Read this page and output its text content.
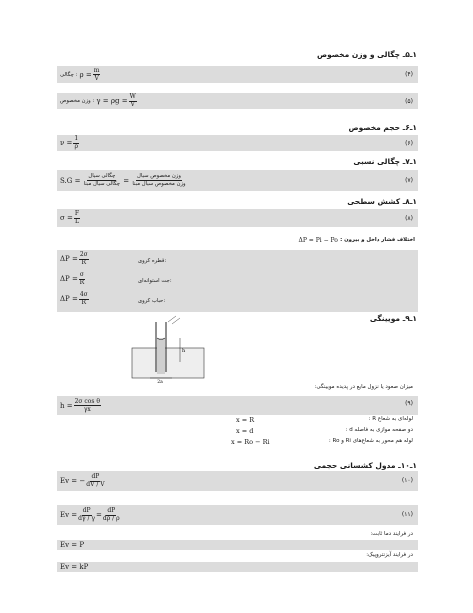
۱ـ۵ـ چگالی و وزن مخصوص
چگالی :
$\rho = \frac{m}{V}$	(۴)
وزن مخصوص :
$\gamma = \rho g = \frac{W}{V}$	(۵)
۱ـ۶ـ حجم مخصوص
$\nu = \frac{1}{\rho}$	(۶)
۱ـ۷ـ چگالی نسبی
S.G =
$\frac{\text{چگالی سیال}}{\text{چگالی سیال مبنا}}$
=
$\frac{\text{وزن مخصوص سیال}}{\text{وزن مخصوص سیال مبنا}}$	(۷)
۱ـ۸ـ کشش سطحی
$\sigma = \frac{F}{L}$	(۸)
اختلاف فشار داخل و بیرون :

ΔP = Pi − Po
$\Delta P = \frac{2\sigma}{R}$	قطره کروی:
$\Delta P = \frac{\sigma}{R}$	جت استوانه‌ای:
$\Delta P = \frac{4\sigma}{R}$	حباب کروی:
۱ـ۹ـ مویینگی
h
2a
میزان صعود یا نزول مایع در پدیده مویینگی:
$h = \frac{\text{2σ cos θ}}{\gamma x}$	(۹)
x = R	لوله‌ای به شعاع R :
x = d	دو صفحه موازی به فاصله d :
x = Ro − Ri	لوله هم محور به شعاع‌های Ri و Ro :
۱ـ۱۰ـ مدول کشسانی حجمی
Ev = − $\frac{dP}{dV / V}$	(۱۰)
$Ev = \frac{dP}{d\gamma / \gamma} = \frac{dP}{d\rho / \rho}$	(۱۱)
در فرایند دما ثابت:
Ev = P
در فرایند آیزنتروپیک:
Ev = kP
